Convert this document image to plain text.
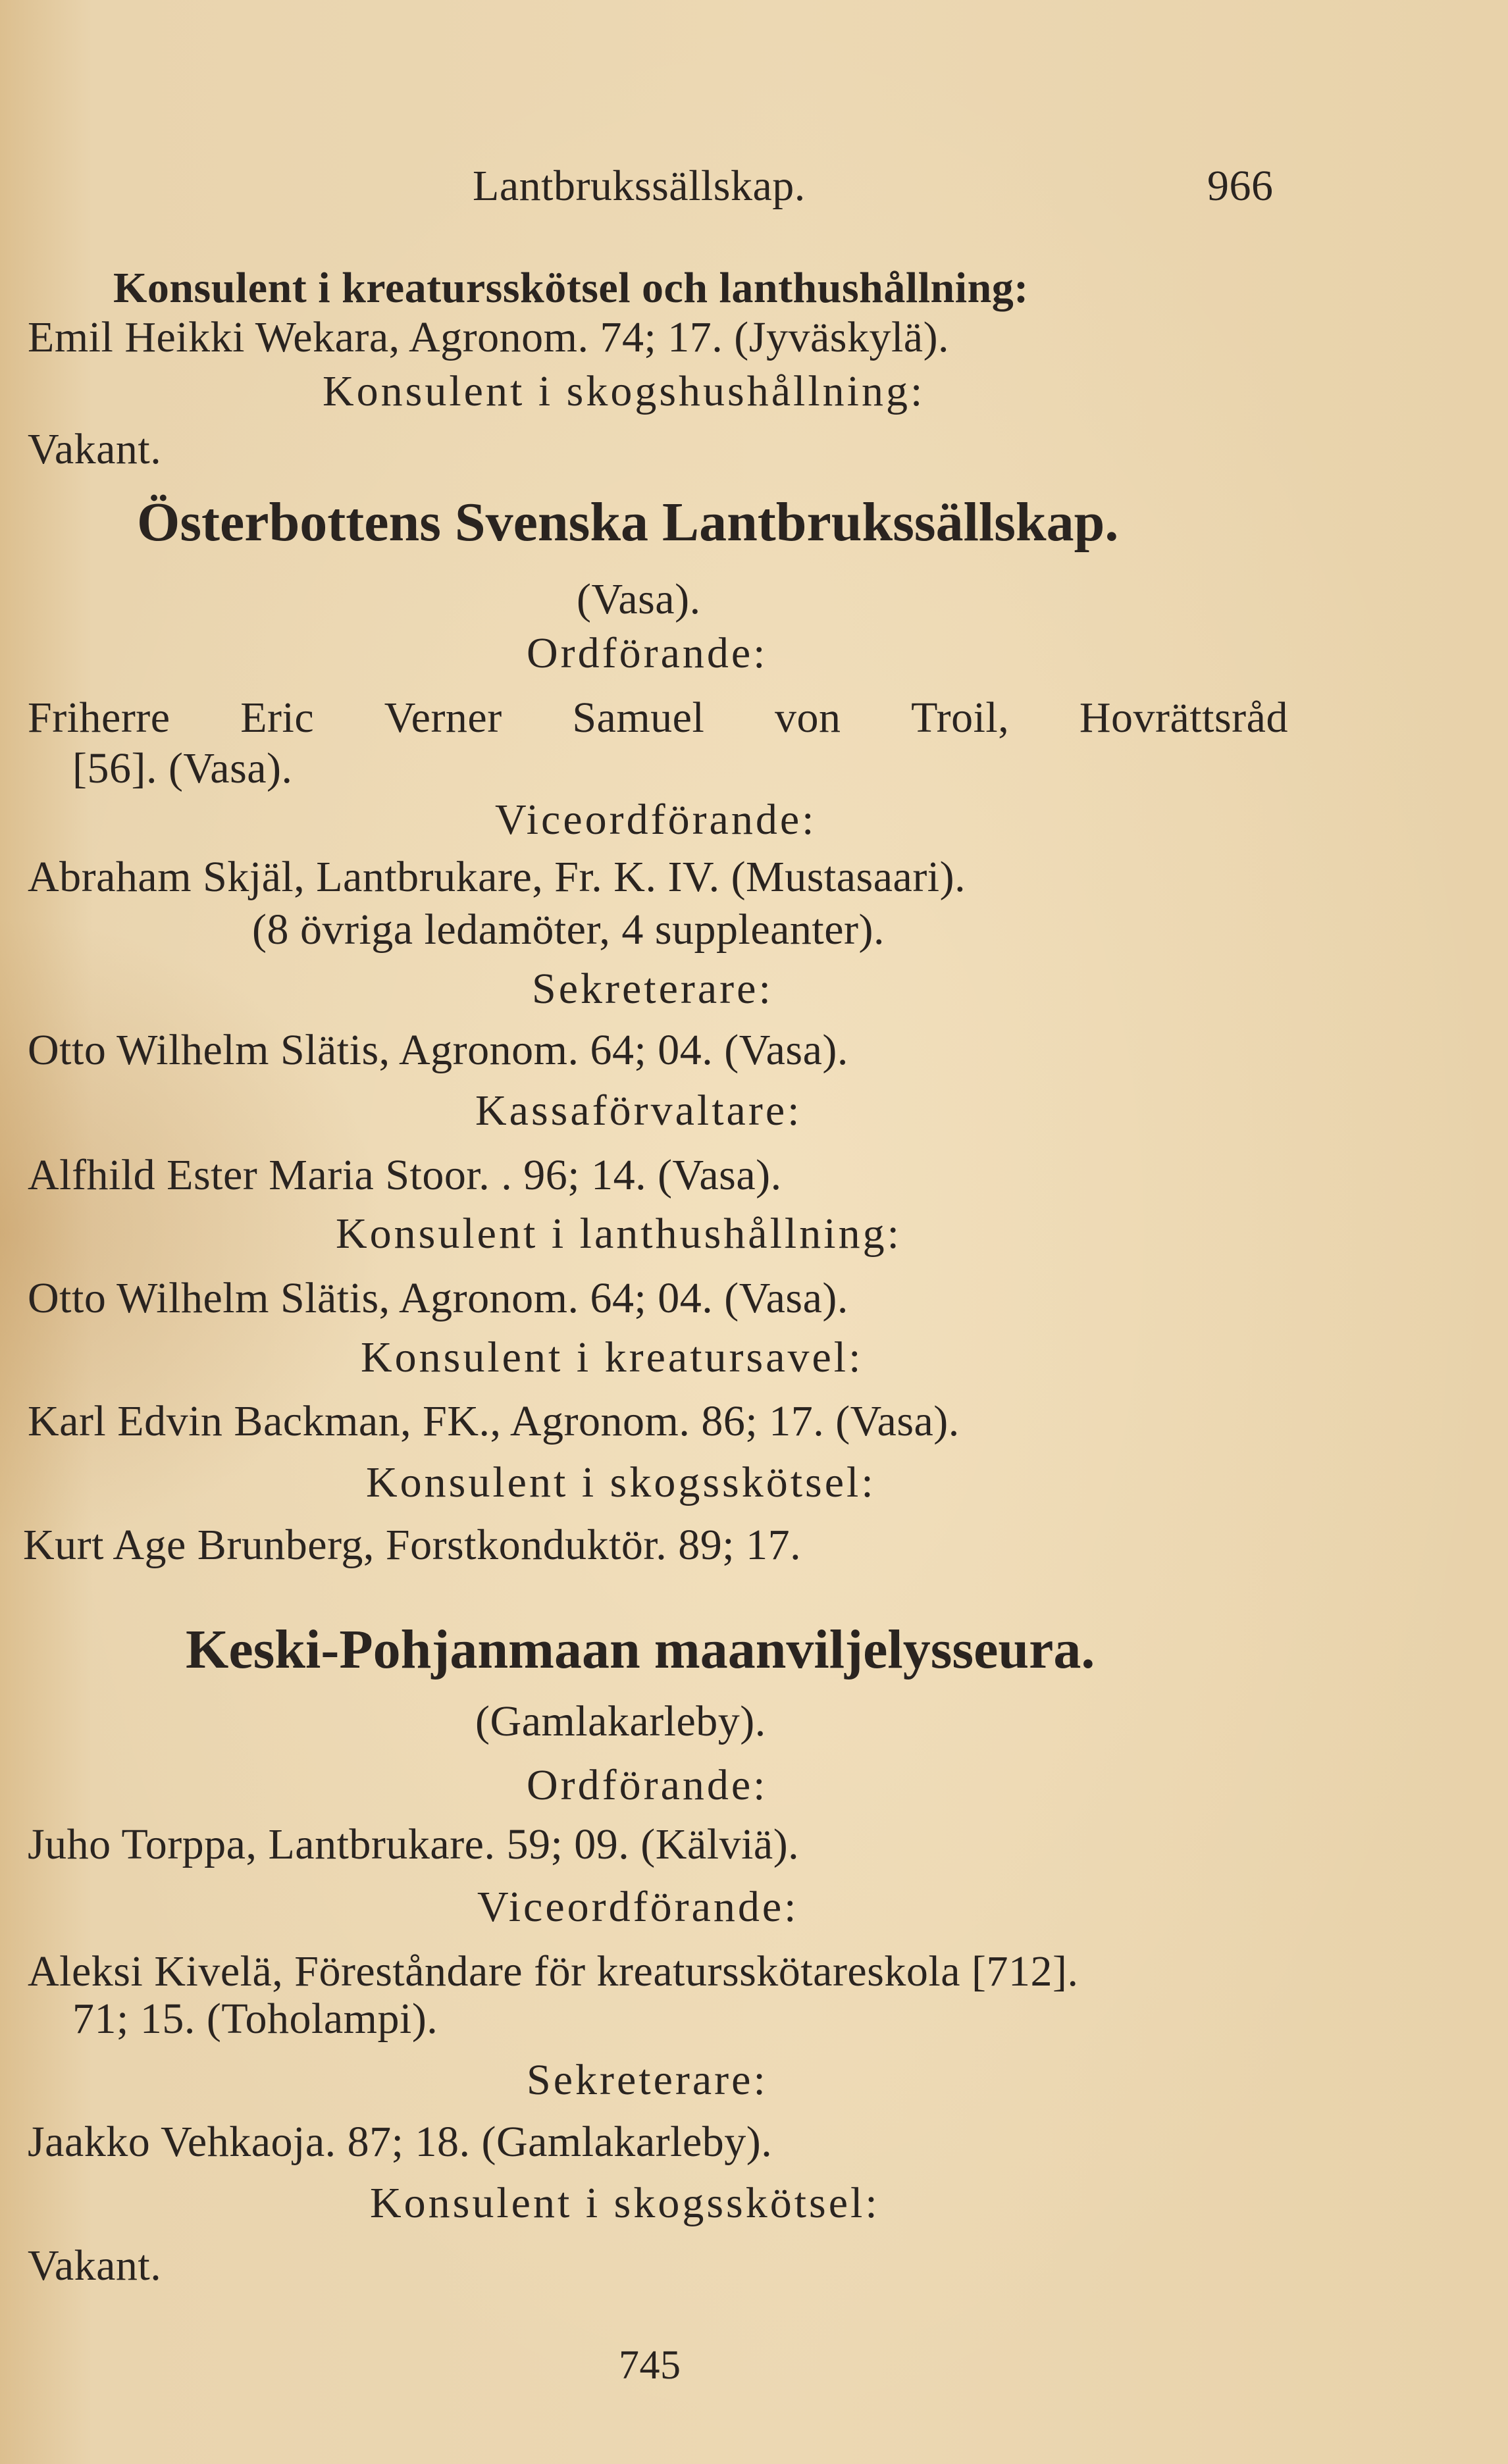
Lantbrukssällskap.	966
Konsulent i kreatursskötsel och lanthushållning:
Emil Heikki Wekara, Agronom. 74; 17. (Jyväskylä).
Konsulent i skogshushållning:
Vakant.
Österbottens Svenska Lantbrukssällskap.
(Vasa).
Ordförande:
Friherre Eric Verner Samuel von Troil, Hovrättsråd
[56]. (Vasa).
Viceordförande:
Abraham Skjäl, Lantbrukare, Fr. K. IV. (Mustasaari).
(8 övriga ledamöter, 4 suppleanter).
Sekreterare:
Otto Wilhelm Slätis, Agronom. 64; 04. (Vasa).
Kassaförvaltare:
Alfhild Ester Maria Stoor. . 96; 14. (Vasa).
Konsulent i lanthushållning:
Otto Wilhelm Slätis, Agronom. 64; 04. (Vasa).
Konsulent i kreatursavel:
Karl Edvin Backman, FK., Agronom. 86; 17. (Vasa).
Konsulent i skogsskötsel:
Kurt Age Brunberg, Forstkonduktör. 89; 17.
Keski-Pohjanmaan maanviljelysseura.
(Gamlakarleby).
Ordförande:
Juho Torppa, Lantbrukare. 59; 09. (Kälviä).
Viceordförande:
Aleksi Kivelä, Föreståndare för kreatursskötareskola [712].
71; 15. (Toholampi).
Sekreterare:
Jaakko Vehkaoja. 87; 18. (Gamlakarleby).
Konsulent i skogsskötsel:
Vakant.
745
